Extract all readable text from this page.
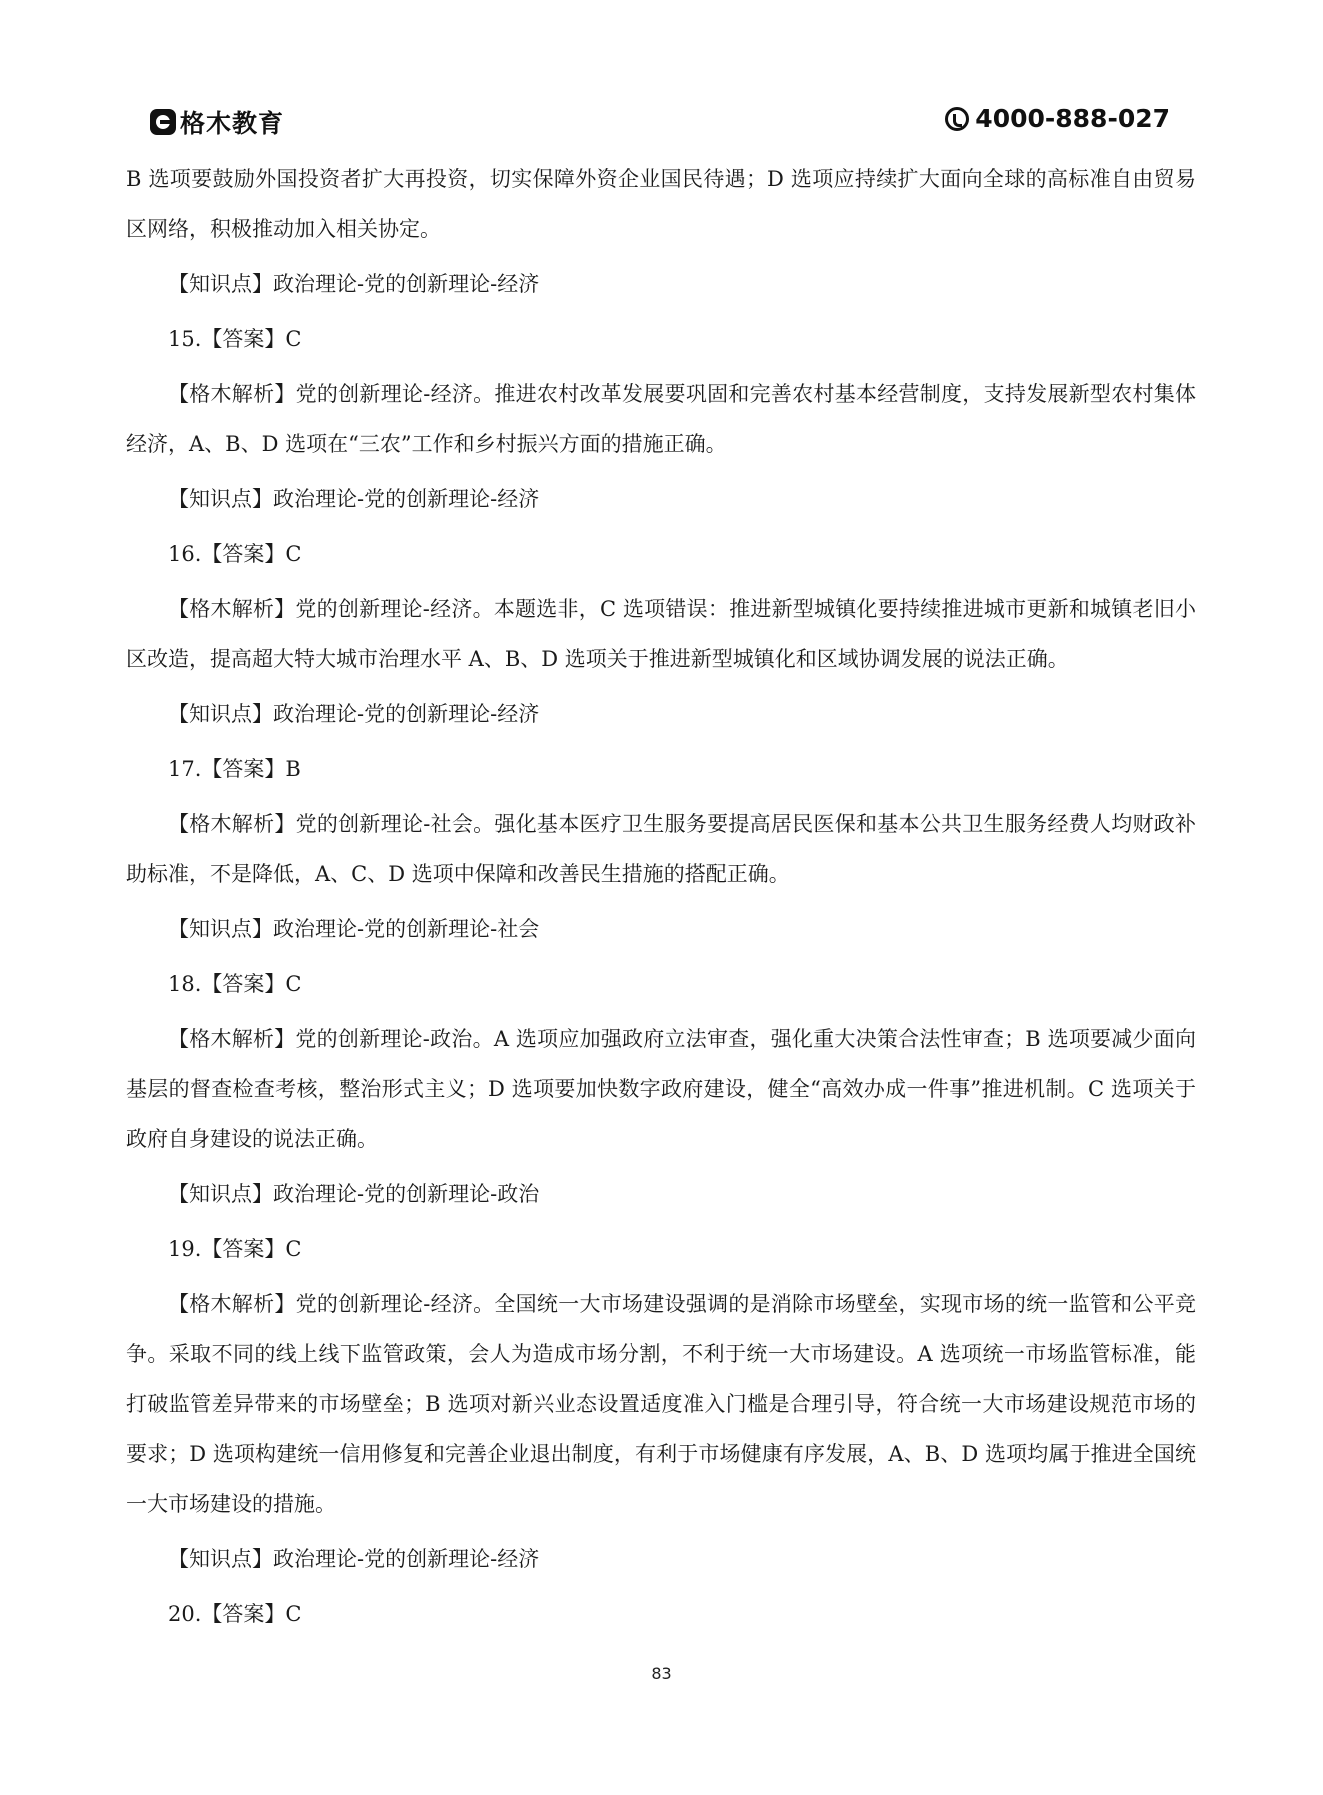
格木教育	4000-888-027

B 选项要鼓励外国投资者扩大再投资，切实保障外资企业国民待遇；D 选项应持续扩大面向全球的高标准自由贸易区网络，积极推动加入相关协定。

【知识点】政治理论-党的创新理论-经济

15.【答案】C

【格木解析】党的创新理论-经济。推进农村改革发展要巩固和完善农村基本经营制度，支持发展新型农村集体经济，A、B、D 选项在“三农”工作和乡村振兴方面的措施正确。

【知识点】政治理论-党的创新理论-经济

16.【答案】C

【格木解析】党的创新理论-经济。本题选非，C 选项错误：推进新型城镇化要持续推进城市更新和城镇老旧小区改造，提高超大特大城市治理水平 A、B、D 选项关于推进新型城镇化和区域协调发展的说法正确。

【知识点】政治理论-党的创新理论-经济

17.【答案】B

【格木解析】党的创新理论-社会。强化基本医疗卫生服务要提高居民医保和基本公共卫生服务经费人均财政补助标准，不是降低，A、C、D 选项中保障和改善民生措施的搭配正确。

【知识点】政治理论-党的创新理论-社会

18.【答案】C

【格木解析】党的创新理论-政治。A 选项应加强政府立法审查，强化重大决策合法性审查；B 选项要减少面向基层的督查检查考核，整治形式主义；D 选项要加快数字政府建设，健全“高效办成一件事”推进机制。C 选项关于政府自身建设的说法正确。

【知识点】政治理论-党的创新理论-政治

19.【答案】C

【格木解析】党的创新理论-经济。全国统一大市场建设强调的是消除市场壁垒，实现市场的统一监管和公平竞争。采取不同的线上线下监管政策，会人为造成市场分割，不利于统一大市场建设。A 选项统一市场监管标准，能打破监管差异带来的市场壁垒；B 选项对新兴业态设置适度准入门槛是合理引导，符合统一大市场建设规范市场的要求；D 选项构建统一信用修复和完善企业退出制度，有利于市场健康有序发展，A、B、D 选项均属于推进全国统一大市场建设的措施。

【知识点】政治理论-党的创新理论-经济

20.【答案】C

83
